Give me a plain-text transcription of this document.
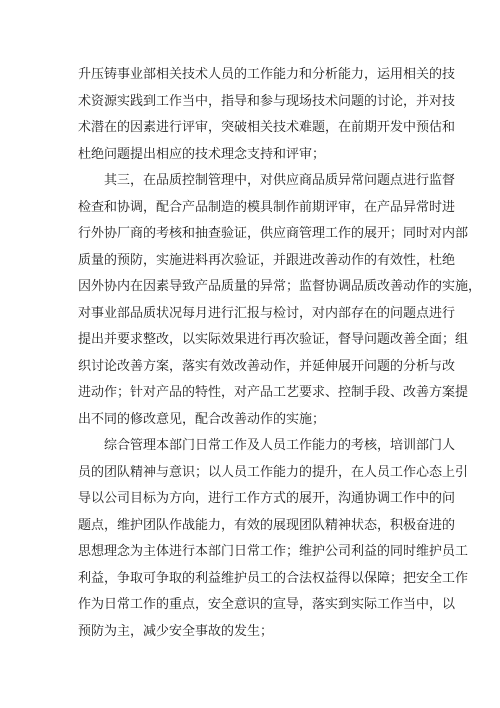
升压铸事业部相关技术人员的工作能力和分析能力，运用相关的技
术资源实践到工作当中，指导和参与现场技术问题的讨论，并对技
术潜在的因素进行评审，突破相关技术难题，在前期开发中预估和
杜绝问题提出相应的技术理念支持和评审；
其三，在品质控制管理中，对供应商品质异常问题点进行监督
检查和协调，配合产品制造的模具制作前期评审，在产品异常时进
行外协厂商的考核和抽查验证，供应商管理工作的展开；同时对内部
质量的预防，实施进料再次验证，并跟进改善动作的有效性，杜绝
因外协内在因素导致产品质量的异常；监督协调品质改善动作的实施，
对事业部品质状况每月进行汇报与检讨，对内部存在的问题点进行
提出并要求整改，以实际效果进行再次验证，督导问题改善全面；组
织讨论改善方案，落实有效改善动作，并延伸展开问题的分析与改
进动作；针对产品的特性，对产品工艺要求、控制手段、改善方案提
出不同的修改意见，配合改善动作的实施；
综合管理本部门日常工作及人员工作能力的考核，培训部门人
员的团队精神与意识；以人员工作能力的提升，在人员工作心态上引
导以公司目标为方向，进行工作方式的展开，沟通协调工作中的问
题点，维护团队作战能力，有效的展现团队精神状态，积极奋进的
思想理念为主体进行本部门日常工作；维护公司利益的同时维护员工
利益，争取可争取的利益维护员工的合法权益得以保障；把安全工作
作为日常工作的重点，安全意识的宣导，落实到实际工作当中，以
预防为主，减少安全事故的发生；
